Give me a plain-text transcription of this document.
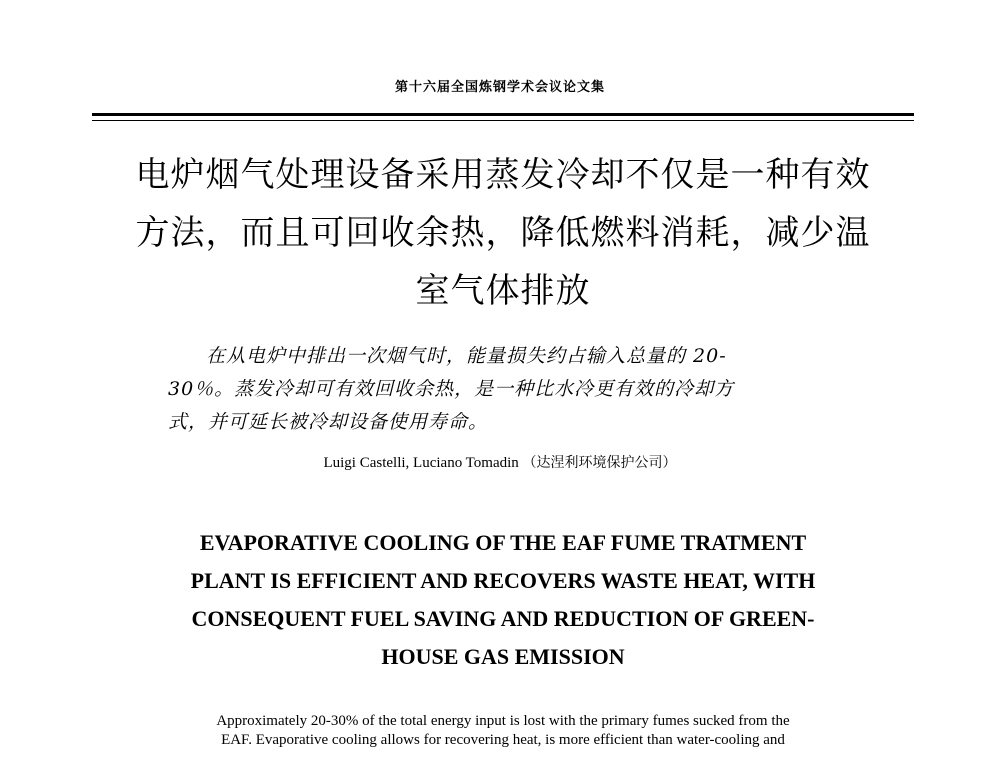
第十六届全国炼钢学术会议论文集
电炉烟气处理设备采用蒸发冷却不仅是一种有效
方法，而且可回收余热，降低燃料消耗，减少温
室气体排放
在从电炉中排出一次烟气时，能量损失约占输入总量的 20-
30％。蒸发冷却可有效回收余热，是一种比水冷更有效的冷却方
式，并可延长被冷却设备使用寿命。
Luigi Castelli, Luciano Tomadin （达涅利环境保护公司）
EVAPORATIVE COOLING OF THE EAF FUME TRATMENT
PLANT IS EFFICIENT AND RECOVERS WASTE HEAT, WITH
CONSEQUENT FUEL SAVING AND REDUCTION OF GREEN-
HOUSE GAS EMISSION
Approximately 20-30% of the total energy input is lost with the primary fumes sucked from the
EAF. Evaporative cooling allows for recovering heat, is more efficient than water-cooling and
